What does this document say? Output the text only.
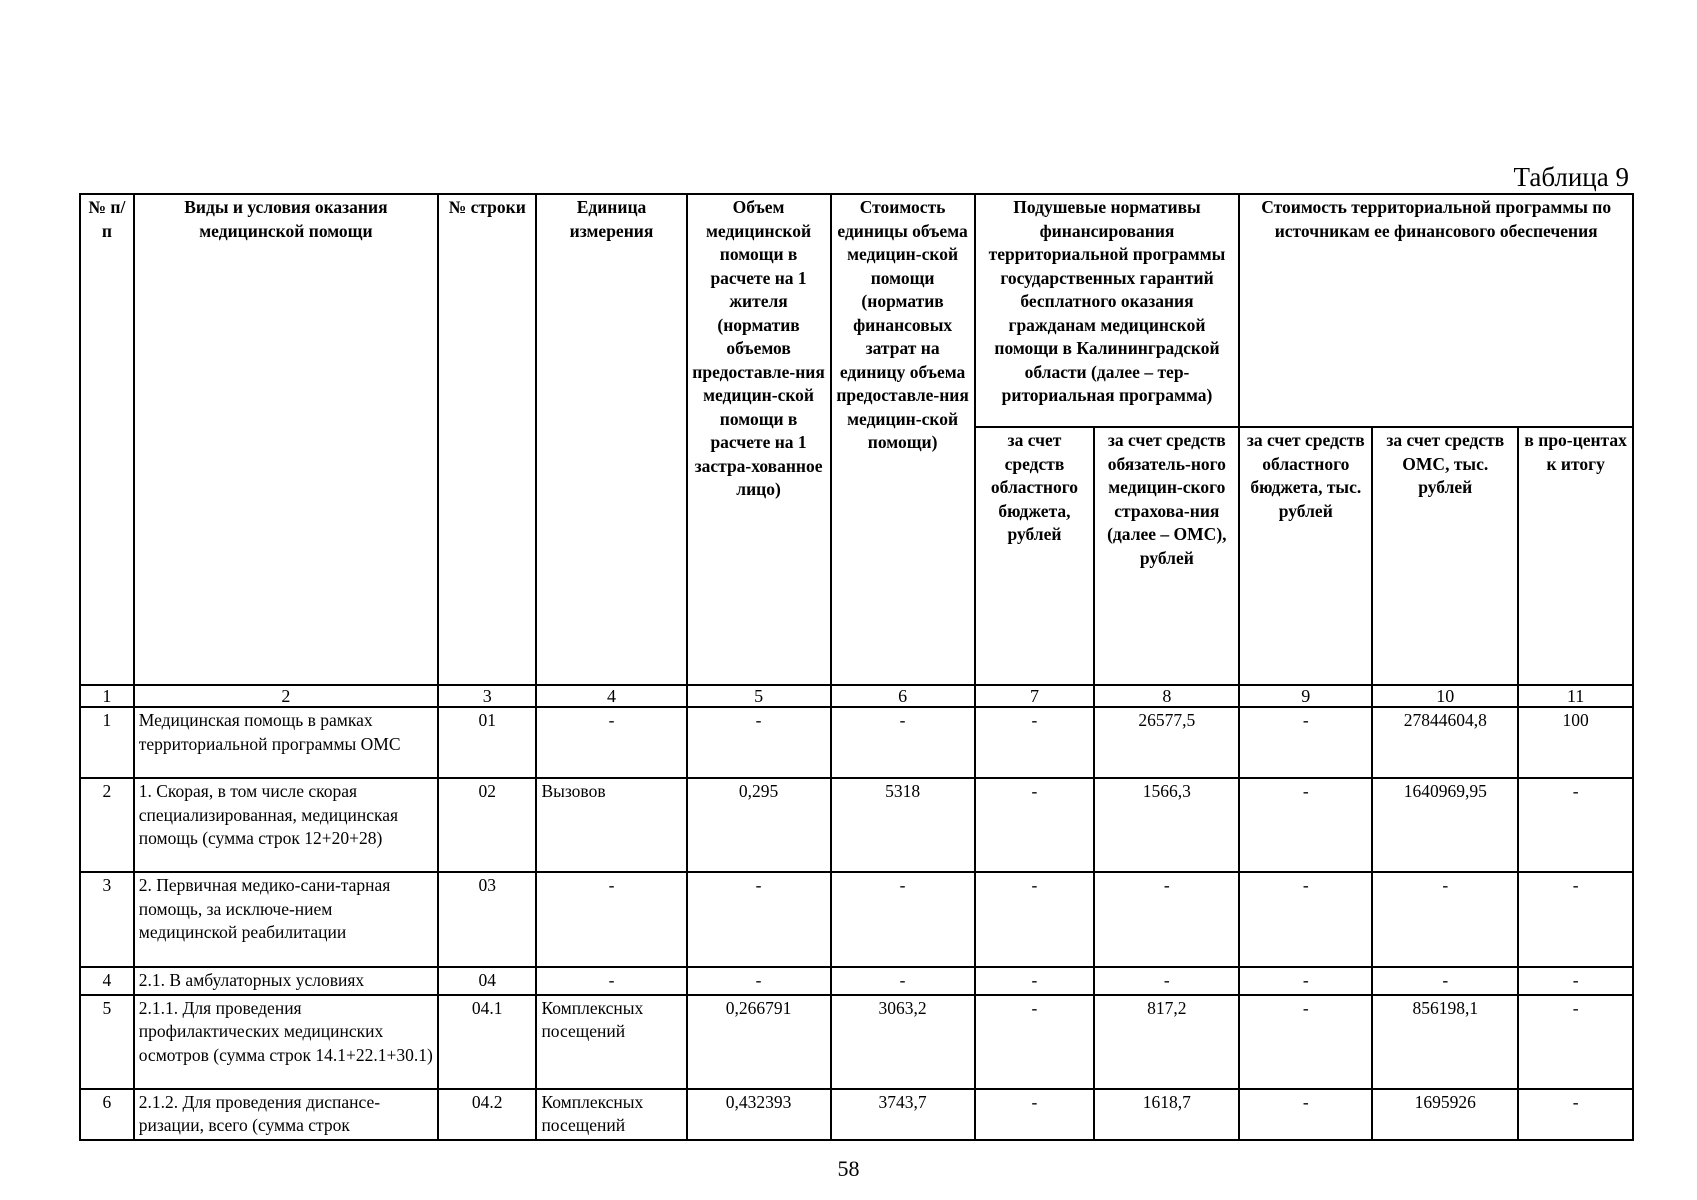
Таблица 9
№ п/п	Виды и условия оказания медицинской помощи	№ строки	Единица измерения	Объем медицинской помощи в расчете на 1 жителя (норматив объемов предоставле-ния медицин-ской помощи в расчете на 1 застра-хованное лицо)	Стоимость единицы объема медицин-ской помощи (норматив финансовых затрат на единицу объема предоставле-ния медицин-ской помощи)	Подушевые нормативы финансирования территориальной программы государственных гарантий бесплатного оказания гражданам медицинской помощи в Калининградской области (далее – тер-риториальная программа)		Стоимость территориальной программы по источникам ее финансового обеспечения		
						за счет средств областного бюджета, рублей	за счет средств обязатель-ного медицин-ского страхова-ния (далее – ОМС), рублей	за счет средств областного бюджета, тыс. рублей	за счет средств ОМС, тыс. рублей	в про-центах к итогу
1	2	3	4	5	6	7	8	9	10	11
1	Медицинская помощь в рамках территориальной программы ОМС	01	-	-	-	-	26577,5	-	27844604,8	100
2	1. Скорая, в том числе скорая специализированная, медицинская помощь (сумма строк 12+20+28)	02	Вызовов	0,295	5318	-	1566,3	-	1640969,95	-
3	2. Первичная медико-сани-тарная помощь, за исключе-нием медицинской реабилитации	03	-	-	-	-	-	-	-	-
4	2.1. В амбулаторных условиях	04	-	-	-	-	-	-	-	-
5	2.1.1. Для проведения профилактических медицинских осмотров (сумма строк 14.1+22.1+30.1)	04.1	Комплексных посещений	0,266791	3063,2	-	817,2	-	856198,1	-
6	2.1.2. Для проведения диспансе-ризации, всего (сумма строк	04.2	Комплексных посещений	0,432393	3743,7	-	1618,7	-	1695926	-
58
